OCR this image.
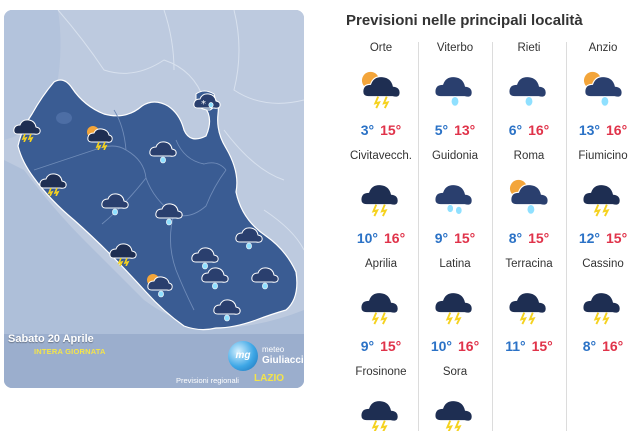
*
mg
meteo
Giuliacci
Sabato 20 Aprile
INTERA GIORNATA
Previsioni regionali LAZIO
Previsioni nelle principali località
Orte
3° 15°
Viterbo
5° 13°
Rieti
6° 16°
Anzio
13° 16°
Civitavecch.
10° 16°
Guidonia
9° 15°
Roma
8° 15°
Fiumicino
12° 15°
Aprilia
9° 15°
Latina
10° 16°
Terracina
11° 15°
Cassino
8° 16°
Frosinone	Sora
